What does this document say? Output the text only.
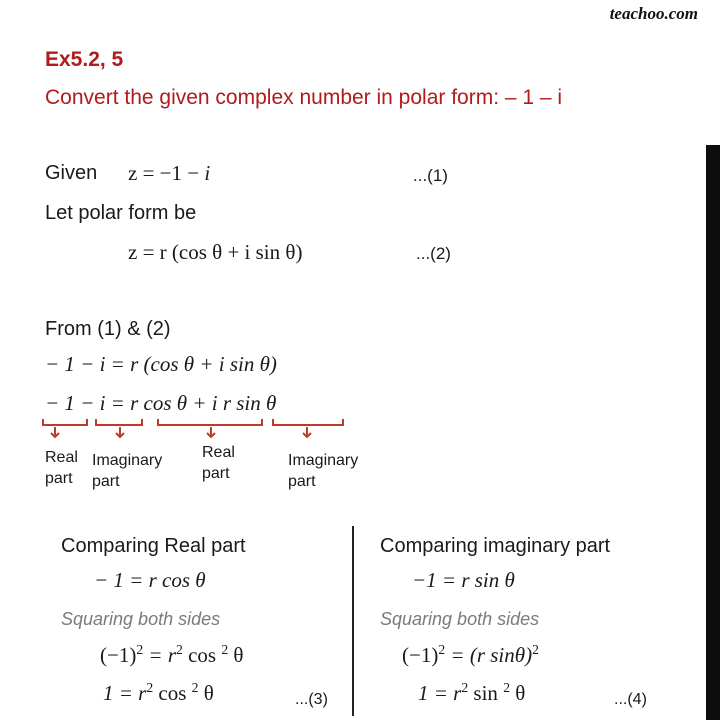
teachoo.com
Ex5.2, 5
Convert the given complex number in polar form: – 1 – i
Given z = −1 − i	...(1)
Let polar form be
z = r (cos θ + i sin θ)	...(2)
From (1) & (2)
− 1 − i = r (cos θ + i sin θ)
− 1 − i = r cos θ + i r sin θ
Real part
Imaginary part
Real part
Imaginary part
Comparing Real part
− 1 = r cos θ
Squaring both sides
$(-1)^2 = r^2$ cos $^2$ θ
$1 = r^2$ cos $^2$ θ	...(3)
Comparing imaginary part
−1 = r sin θ
Squaring both sides
$(-1)^2 = (r$ sinθ)$^2$
$1 = r^2$ sin $^2$ θ	...(4)
